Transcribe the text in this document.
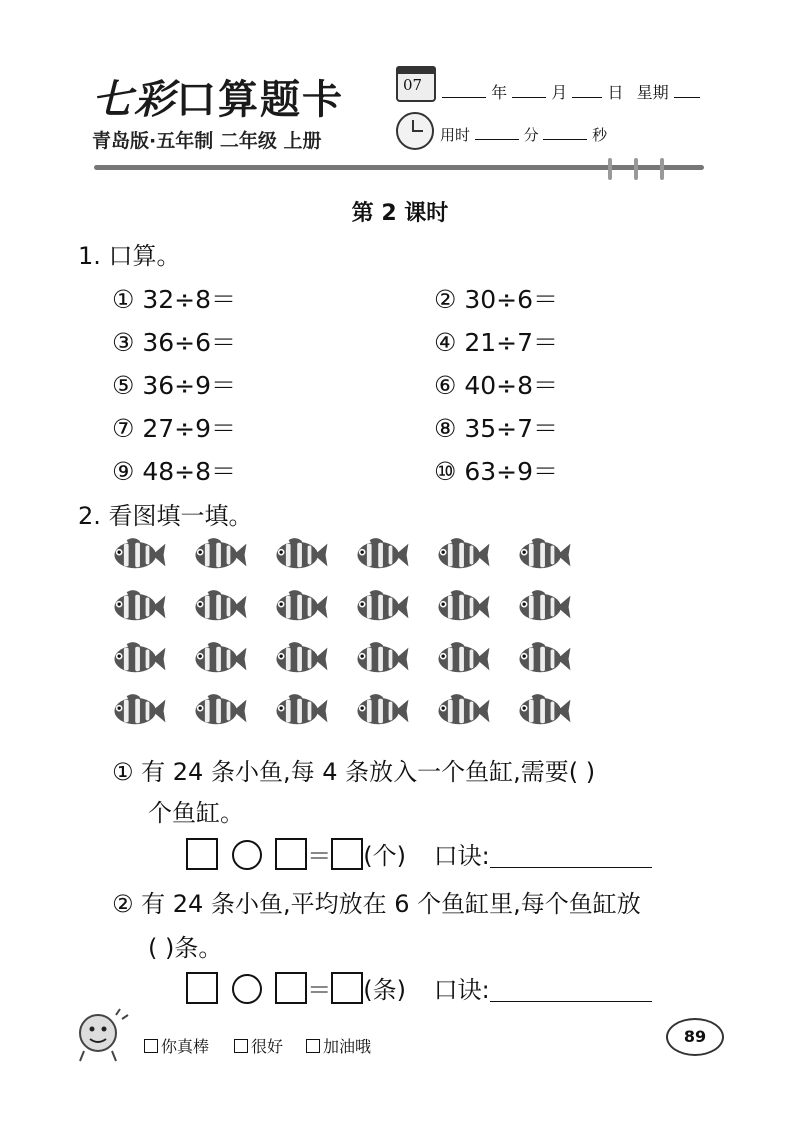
七彩口算题卡
青岛版·五年制 二年级 上册
07	年	月	日 星期
用时	分	秒
第 2 课时
1. 口算。
① 32÷8＝	② 30÷6＝
③ 36÷6＝	④ 21÷7＝
⑤ 36÷9＝	⑥ 40÷8＝
⑦ 27÷9＝	⑧ 35÷7＝
⑨ 48÷8＝	⑩ 63÷9＝
2. 看图填一填。
① 有 24 条小鱼,每 4 条放入一个鱼缸,需要( )
个鱼缸。
＝ (个) 口诀:
② 有 24 条小鱼,平均放在 6 个鱼缸里,每个鱼缸放
( )条。
＝ (条) 口诀:
你真棒	很好	加油哦
89
